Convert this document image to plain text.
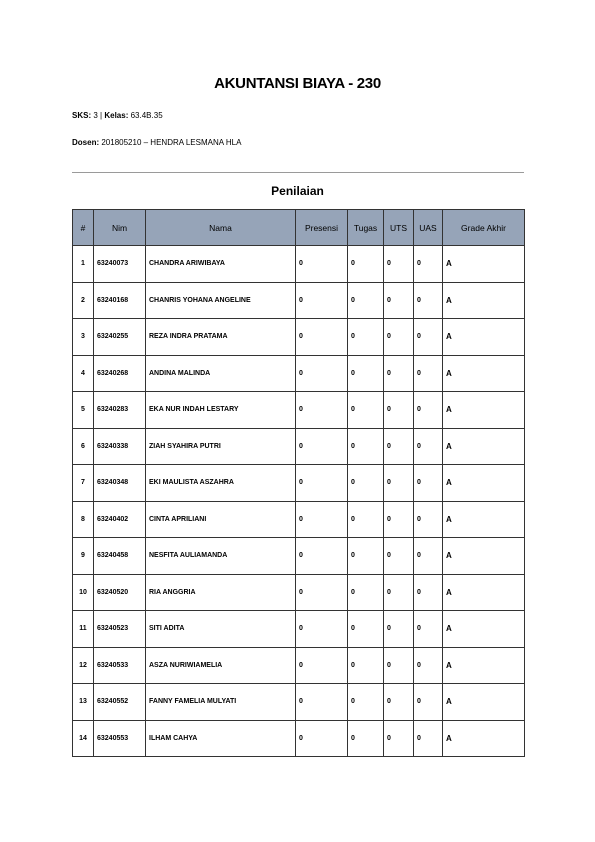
AKUNTANSI BIAYA - 230
SKS: 3 | Kelas: 63.4B.35
Dosen: 201805210 – HENDRA LESMANA HLA
Penilaian
#	Nim	Nama	Presensi	Tugas	UTS	UAS	Grade Akhir
1	63240073	CHANDRA ARIWIBAYA	0	0	0	0	A
2	63240168	CHANRIS YOHANA ANGELINE	0	0	0	0	A
3	63240255	REZA INDRA PRATAMA	0	0	0	0	A
4	63240268	ANDINA MALINDA	0	0	0	0	A
5	63240283	EKA NUR INDAH LESTARY	0	0	0	0	A
6	63240338	ZIAH SYAHIRA PUTRI	0	0	0	0	A
7	63240348	EKI MAULISTA ASZAHRA	0	0	0	0	A
8	63240402	CINTA APRILIANI	0	0	0	0	A
9	63240458	NESFITA AULIAMANDA	0	0	0	0	A
10	63240520	RIA ANGGRIA	0	0	0	0	A
11	63240523	SITI ADITA	0	0	0	0	A
12	63240533	ASZA NURIWIAMELIA	0	0	0	0	A
13	63240552	FANNY FAMELIA MULYATI	0	0	0	0	A
14	63240553	ILHAM CAHYA	0	0	0	0	A
